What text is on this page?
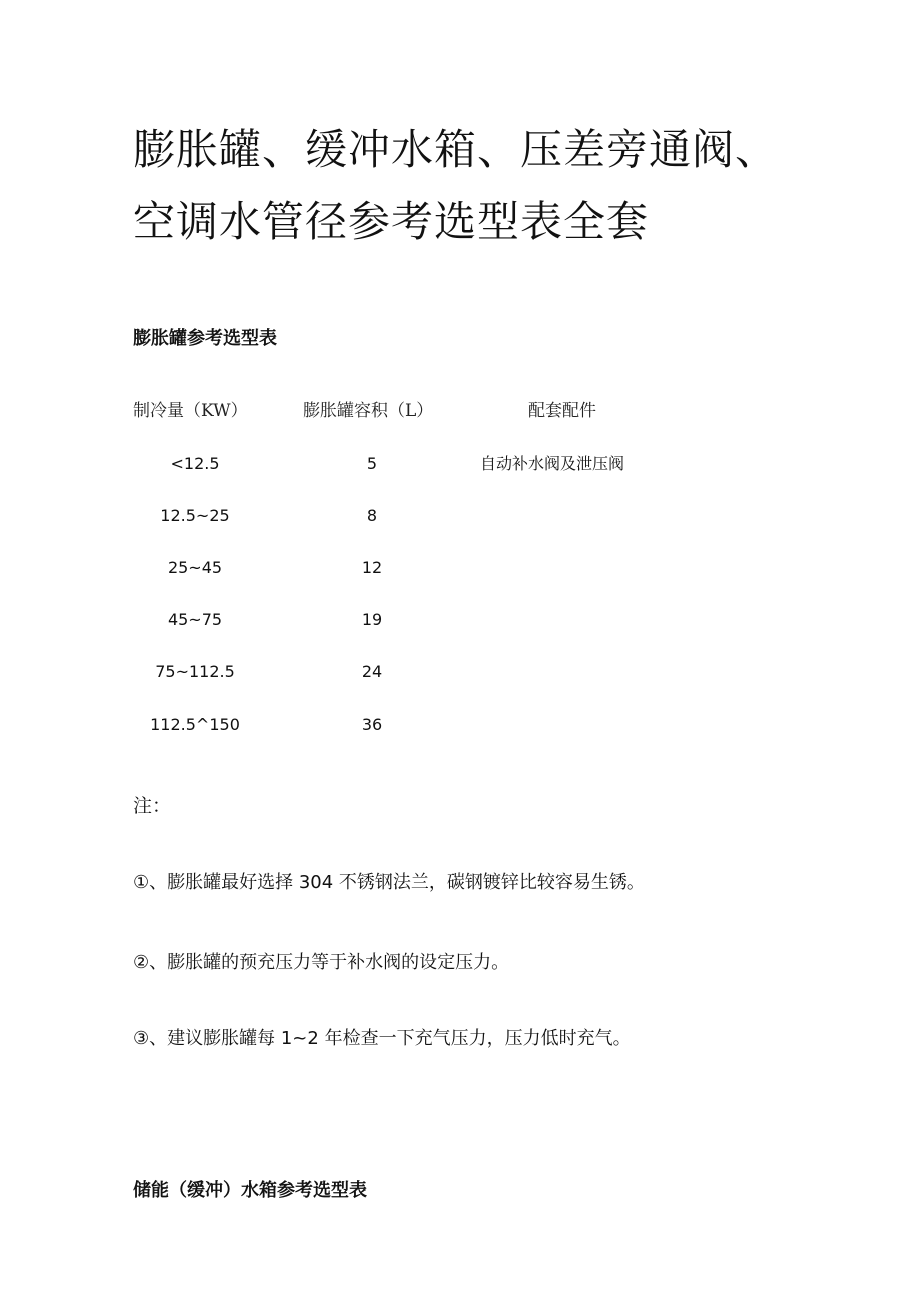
膨胀罐、缓冲水箱、压差旁通阀、空调水管径参考选型表全套
膨胀罐参考选型表
制冷量（KW）	膨胀罐容积（L）	配套配件
<12.5	5	自动补水阀及泄压阀
12.5~25	8
25~45	12
45~75	19
75~112.5	24
112.5^150	36
注：

①、膨胀罐最好选择 304 不锈钢法兰，碳钢镀锌比较容易生锈。

②、膨胀罐的预充压力等于补水阀的设定压力。

③、建议膨胀罐每 1~2 年检查一下充气压力，压力低时充气。

储能（缓冲）水箱参考选型表
